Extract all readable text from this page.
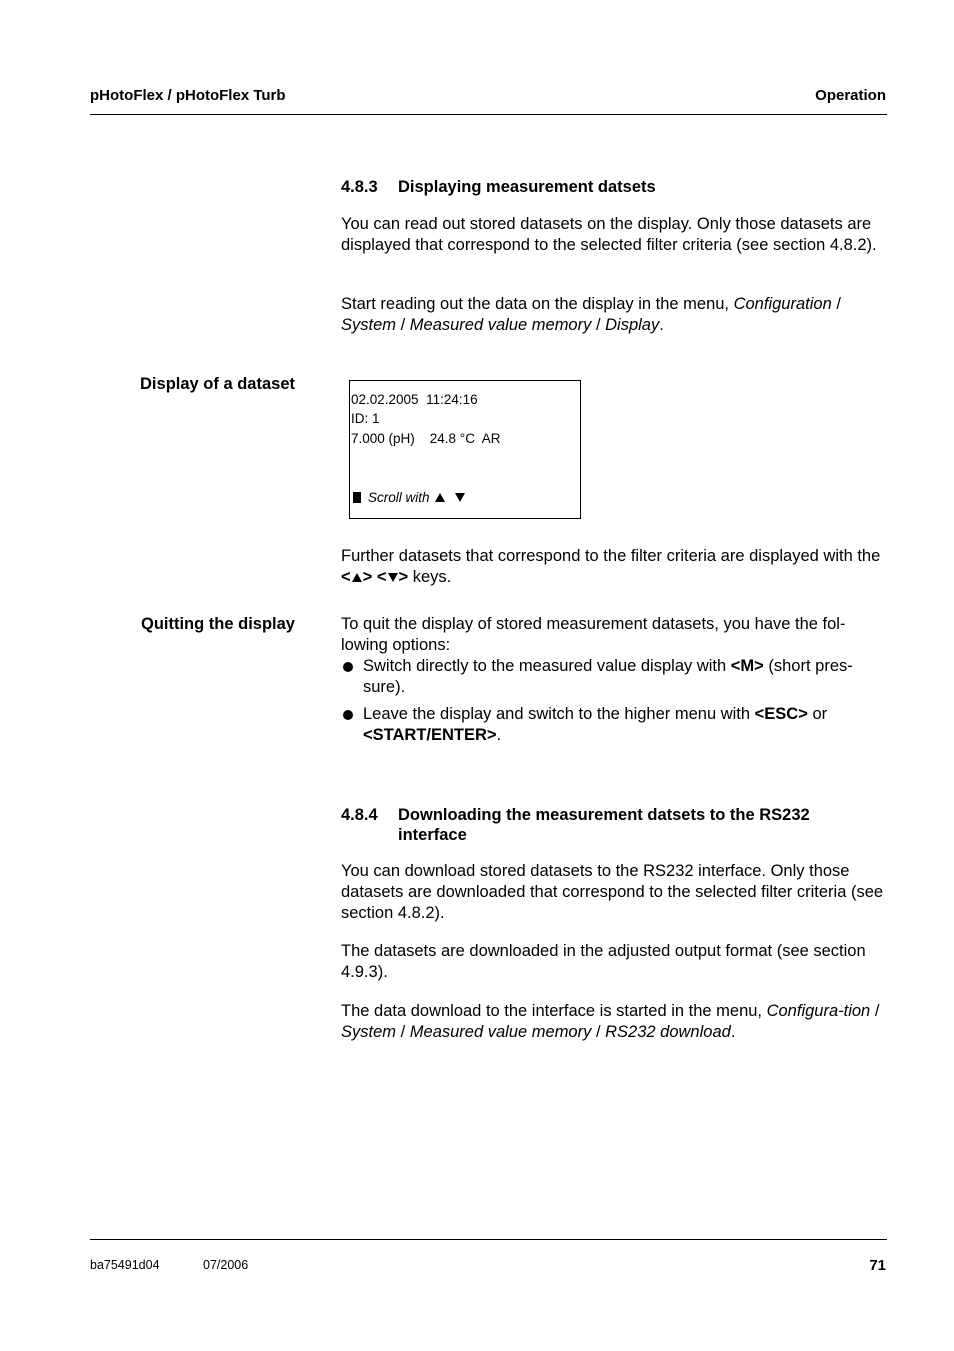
pHotoFlex / pHotoFlex Turb	Operation
4.8.3 Displaying measurement datsets
You can read out stored datasets on the display. Only those datasets are displayed that correspond to the selected filter criteria (see section 4.8.2).
Start reading out the data on the display in the menu, Configuration / System / Measured value memory / Display.
Display of a dataset
02.02.2005  11:24:16
ID: 1
7.000 (pH)    24.8 °C  AR
Scroll with
Further datasets that correspond to the filter criteria are displayed with the < > < > keys.
Quitting the display	To quit the display of stored measurement datasets, you have the fol-lowing options:
Switch directly to the measured value display with <M> (short pres-sure).
Leave the display and switch to the higher menu with <ESC> or <START/ENTER>.
4.8.4 Downloading the measurement datsets to the RS232
interface
You can download stored datasets to the RS232 interface. Only those datasets are downloaded that correspond to the selected filter criteria (see section 4.8.2).
The datasets are downloaded in the adjusted output format (see section 4.9.3).
The data download to the interface is started in the menu, Configura-tion / System / Measured value memory / RS232 download.
ba75491d04	07/2006	71
